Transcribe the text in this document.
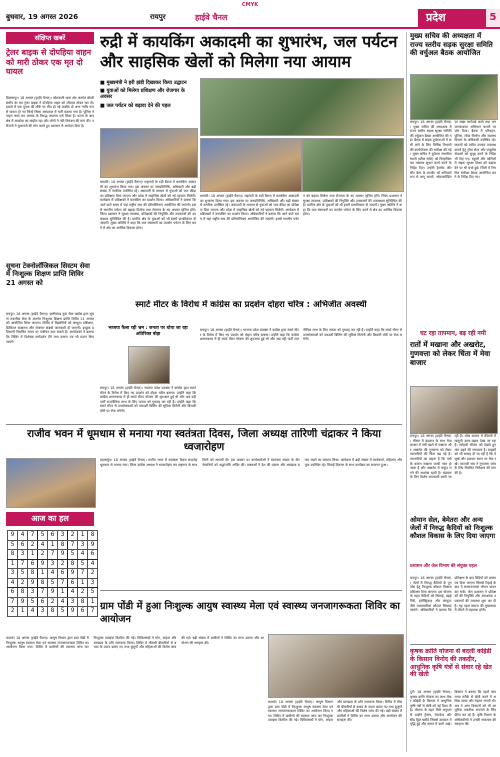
CMYK
बुधवार, 19 अगस्त 2026	रायपुर	हाईवे चैनल	प्रदेश	5
संक्षिप्त खबरें
ट्रेलर बाइक से दोपहिया वाहन को मारी ठोकर एक मृत दो घायल
बिलासपुर। 18 अगस्त (हाईवे चैनल)। कोतवाली थाना क्षेत्र अंतर्गत बोदरी समीप देर रात ट्रेलर बाइक ने दोपहिया वाहन को जोरदार ठोकर मार दी। हादसे में एक युवक की मौके पर मौत हो गई जबकि दो अन्य गंभीर रूप से घायल हो गए जिन्हें सिम्स अस्पताल में भर्ती कराया गया है। पुलिस ने वाहन जब्त कर चालक के विरुद्ध अपराध दर्ज किया है। घटना के बाद क्षेत्र में आक्रोश का माहौल रहा और लोगों ने गति नियंत्रण की मांग की। परिजनों ने मुआवजे की मांग करते हुए प्रशासन से आवेदन दिया है।
सूचना टेक्नोलॉजिकल सिस्टम सेवा में निःशुल्क शिक्षण प्राप्ति शिविर 21 अगस्त को
रायपुर। 18 अगस्त (हाईवे चैनल)। छत्तीसगढ़ युवा सेवा प्रकोष्ठ द्वारा सूचना तकनीक सेवा के अंतर्गत निःशुल्क शिक्षण प्राप्ति शिविर 21 अगस्त को आयोजित किया जाएगा। शिविर में विद्यार्थियों को कंप्यूटर प्रशिक्षण, डिजिटल साक्षरता और रोजगार संबंधी जानकारी दी जाएगी। इच्छुक प्रतिभागी निर्धारित समय पर पंजीयन करा सकते हैं। आयोजकों ने बताया कि शिविर में विशेषज्ञ मार्गदर्शन देंगे तथा प्रमाण पत्र भी प्रदान किए जाएंगे।
रुद्री में कायकिंग अकादमी का शुभारंभ, जल पर्यटन और साहसिक खेलों को मिलेगा नया आयाम
■ मुख्यमंत्री ने हरी झंडी दिखाकर किया उद्घाटन
■ युवाओं को मिलेगा प्रशिक्षण और रोजगार के अवसर
■ जल पर्यटन को बढ़ावा देने की पहल
धमतरी। 18 अगस्त (हाईवे चैनल)। महानदी के रुद्री बैराज में कायकिंग अकादमी का शुभारंभ किया गया। इस अवसर पर जनप्रतिनिधि, अधिकारी और बड़ी संख्या में नागरिक उपस्थित रहे। अकादमी के माध्यम से युवाओं को जल क्रीड़ा का प्रशिक्षण दिया जाएगा और प्रदेश में साहसिक खेलों को नई पहचान मिलेगी। कार्यक्रम में प्रशिक्षकों ने कायकिंग का प्रदर्शन किया। अधिकारियों ने बताया कि आने वाले समय में यहां राष्ट्रीय स्तर की प्रतियोगिताएं आयोजित की जाएंगी। इससे स्थानीय पर्यटन को बढ़ावा मिलेगा तथा रोजगार के नए अवसर सृजित होंगे। जिला प्रशासन ने सुरक्षा व्यवस्था, प्रशिक्षकों की नियुक्ति और उपकरणों की उपलब्धता सुनिश्चित की है। ग्रामीण क्षेत्र के युवाओं को भी इसमें प्राथमिकता दी जाएगी। मुख्य अतिथि ने कहा कि जल संसाधनों का उपयोग पर्यटन के लिए करने से क्षेत्र का आर्थिक विकास होगा।
धमतरी। 18 अगस्त (हाईवे चैनल)। महानदी के रुद्री बैराज में कायकिंग अकादमी का शुभारंभ किया गया। इस अवसर पर जनप्रतिनिधि, अधिकारी और बड़ी संख्या में नागरिक उपस्थित रहे। अकादमी के माध्यम से युवाओं को जल क्रीड़ा का प्रशिक्षण दिया जाएगा और प्रदेश में साहसिक खेलों को नई पहचान मिलेगी। कार्यक्रम में प्रशिक्षकों ने कायकिंग का प्रदर्शन किया। अधिकारियों ने बताया कि आने वाले समय में यहां राष्ट्रीय स्तर की प्रतियोगिताएं आयोजित की जाएंगी। इससे स्थानीय पर्यटन को बढ़ावा मिलेगा तथा रोजगार के नए अवसर सृजित होंगे। जिला प्रशासन ने सुरक्षा व्यवस्था, प्रशिक्षकों की नियुक्ति और उपकरणों की उपलब्धता सुनिश्चित की है। ग्रामीण क्षेत्र के युवाओं को भी इसमें प्राथमिकता दी जाएगी। मुख्य अतिथि ने कहा कि जल संसाधनों का उपयोग पर्यटन के लिए करने से क्षेत्र का आर्थिक विकास होगा।
स्मार्ट मीटर के विरोध में कांग्रेस का प्रदर्शन दोहरा चरित्र : अभिजीत अवस्थी
भाजपा फैला रही भ्रम : जनता पर थोपा जा रहा अतिरिक्त बोझ
रायपुर। 18 अगस्त (हाईवे चैनल)। भाजपा प्रदेश प्रवक्ता ने कांग्रेस द्वारा स्मार्ट मीटर के विरोध में किए गए प्रदर्शन को दोहरा चरित्र बताया। उन्होंने कहा कि कांग्रेस शासनकाल में ही स्मार्ट मीटर योजना की शुरुआत हुई थी और अब वही पार्टी राजनीतिक लाभ के लिए जनता को गुमराह कर रही है। उन्होंने कहा कि स्मार्ट मीटर से उपभोक्ताओं को पारदर्शी बिलिंग की सुविधा मिलेगी और बिजली चोरी पर रोक लगेगी।
रायपुर। 18 अगस्त (हाईवे चैनल)। भाजपा प्रदेश प्रवक्ता ने कांग्रेस द्वारा स्मार्ट मीटर के विरोध में किए गए प्रदर्शन को दोहरा चरित्र बताया। उन्होंने कहा कि कांग्रेस शासनकाल में ही स्मार्ट मीटर योजना की शुरुआत हुई थी और अब वही पार्टी राजनीतिक लाभ के लिए जनता को गुमराह कर रही है। उन्होंने कहा कि स्मार्ट मीटर से उपभोक्ताओं को पारदर्शी बिलिंग की सुविधा मिलेगी और बिजली चोरी पर रोक लगेगी।
राजीव भवन में धूमधाम से मनाया गया स्वतंत्रता दिवस, जिला अध्यक्ष तारिणी चंद्राकर ने किया ध्वजारोहण
महासमुंद। 18 अगस्त (हाईवे चैनल)। राजीव भवन में स्वतंत्रता दिवस समारोह धूमधाम से मनाया गया। जिला कांग्रेस अध्यक्ष ने ध्वजारोहण कर राष्ट्रगान के साथ तिरंगे को सलामी दी। इस अवसर पर कार्यकर्ताओं ने स्वतंत्रता संग्राम के वीर सेनानियों को श्रद्धांजलि अर्पित की। वक्ताओं ने देश की एकता और अखंडता बनाए रखने का संकल्प लिया। कार्यक्रम में बड़ी संख्या में कार्यकर्ता, महिलाएं और युवा उपस्थित रहे। मिठाई वितरण के साथ कार्यक्रम का समापन हुआ।
आज का हल
9	4	7	5	6	3	2	1	8
5	6	2	4	1	8	7	3	9
8	3	1	2	7	9	5	4	6
1	7	6	9	3	2	8	5	4
3	5	8	1	4	6	9	7	2
4	2	9	8	5	7	6	1	3
6	8	3	7	9	1	4	2	5
7	9	5	6	2	4	3	8	1
2	1	4	3	8	5	9	6	7 ग्राम पोंडी में हुआ निःशुल्क आयुष स्वास्थ्य मेला एवं स्वास्थ्य जनजागरूकता शिविर का आयोजन
कवर्धा। 18 अगस्त (हाईवे चैनल)। आयुष विभाग द्वारा ग्राम पोंडी में निःशुल्क आयुष स्वास्थ्य मेला एवं स्वास्थ्य जनजागरूकता शिविर का आयोजन किया गया। शिविर में ग्रामीणों की स्वास्थ्य जांच कर निःशुल्क दवाइयां वितरित की गईं। चिकित्सकों ने योग, आहार और स्वच्छता के प्रति जागरूक किया। शिविर में मौसमी बीमारियों से बचाव के उपाय बताए गए तथा बुजुर्गों और महिलाओं की विशेष जांच की गई। बड़ी संख्या में ग्रामीणों ने शिविर का लाभ उठाया और आयोजन की सराहना की।
कवर्धा। 18 अगस्त (हाईवे चैनल)। आयुष विभाग द्वारा ग्राम पोंडी में निःशुल्क आयुष स्वास्थ्य मेला एवं स्वास्थ्य जनजागरूकता शिविर का आयोजन किया गया। शिविर में ग्रामीणों की स्वास्थ्य जांच कर निःशुल्क दवाइयां वितरित की गईं। चिकित्सकों ने योग, आहार और स्वच्छता के प्रति जागरूक किया। शिविर में मौसमी बीमारियों से बचाव के उपाय बताए गए तथा बुजुर्गों और महिलाओं की विशेष जांच की गई। बड़ी संख्या में ग्रामीणों ने शिविर का लाभ उठाया और आयोजन की सराहना की।
मुख्य सचिव की अध्यक्षता में राज्य स्तरीय सड़क सुरक्षा समिति की वर्चुअल बैठक आयोजित
रायपुर। 18 अगस्त (हाईवे चैनल)। मुख्य सचिव की अध्यक्षता में राज्य स्तरीय सड़क सुरक्षा समिति की वर्चुअल बैठक आयोजित की गई। बैठक में सड़क दुर्घटनाओं में कमी लाने के लिए विभिन्न विभागों की कार्ययोजना की समीक्षा की गई। मुख्य सचिव ने दुर्घटना संभावित स्थलों (ब्लैक स्पॉट) को चिन्हांकित कर तत्काल सुधार कार्य करने के निर्देश दिए। उन्होंने हेलमेट और सीट बेल्ट के उपयोग को अनिवार्य रूप से लागू कराने, ओवरस्पीडिंग पर सख्त कार्रवाई करने तथा जनजागरूकता अभियान चलाने पर जोर दिया। बैठक में परिवहन, पुलिस, लोक निर्माण और स्वास्थ्य विभाग के अधिकारी उपस्थित रहे। घायलों को त्वरित उपचार उपलब्ध कराने हेतु ट्रॉमा सेंटर और एम्बुलेंस सेवाओं को सुदृढ़ करने के निर्देश भी दिए गए। स्कूलों और कॉलेजों में सड़क सुरक्षा शिक्षा को बढ़ावा देने पर भी चर्चा हुई। जिलों में नियमित समीक्षा बैठक आयोजित करने के निर्देश दिए गए।
घट रहा तापमान, बढ़ रही नमी
रातों में मखाना और अखरोट, गुणवत्ता को लेकर चिंता में मेवा बाजार
रायपुर। 18 अगस्त (हाईवे चैनल)। मौसम में बदलाव के साथ मेवा बाजार में नमी बढ़ने से मखाना और अखरोट की गुणवत्ता को लेकर व्यापारियों की चिंता बढ़ गई है। व्यापारियों का कहना है कि नमी के कारण मखाना जल्दी नरम हो जाता है और अखरोट में फफूंद लगने की आशंका रहती है। भंडारण के लिए विशेष सावधानी बरती जा रही है। थोक बाजार में कीमतों में मामूली उतार-चढ़ाव देखा जा रहा है। त्योहारी सीजन को देखते हुए मांग बढ़ने की संभावना है। ग्राहकों को भी सलाह दी जा रही है कि वे सूखे और हवादार स्थान पर मेवा रखें। व्यापारी संघ ने गुणवत्ता जांच के लिए नियमित निरीक्षण की मांग की है।
ओमान सेल, बेमेतरा और अन्य जेलों में निरुद्ध कैदियों को निःशुल्क कौशल विकास के लिए दिया जाएगा
प्रशासन और जेल विभाग की संयुक्त पहल
रायपुर। 18 अगस्त (हाईवे चैनल)। जेलों में निरुद्ध कैदियों के पुनर्वास हेतु निःशुल्क कौशल विकास प्रशिक्षण दिया जाएगा। इस योजना के तहत कैदियों को सिलाई, बढ़ईगिरी, इलेक्ट्रिकल और कंप्यूटर जैसे व्यावसायिक कौशल सिखाए जाएंगे। अधिकारियों ने बताया कि प्रशिक्षण के बाद कैदियों को प्रमाण पत्र दिया जाएगा जिससे रिहाई के बाद वे सम्मानजनक जीवन यापन कर सकें। जेल प्रशासन ने प्रशिक्षकों की नियुक्ति और आवश्यक उपकरणों की व्यवस्था शुरू कर दी है। यह पहल समाज की मुख्यधारा में लौटने में सहायक होगी।
कृषक क्रांति योजना से बदली कोईडी के किसान विनोद की तकदीर, आधुनिक कृषि यंत्रों से संवार रहे खेत की खेती
दुर्ग। 18 अगस्त (हाईवे चैनल)। कृषक क्रांति योजना का लाभ लेकर कोईडी के किसान ने आधुनिक कृषि यंत्रों से खेती को नई दिशा दी है। योजना के तहत मिले अनुदान से उन्होंने ट्रैक्टर, रोटावेटर और सीड ड्रिल खरीदे जिससे उत्पादन में वृद्धि हुई और लागत में कमी आई। किसान ने बताया कि पहले परंपरागत तरीके से खेती करने में अधिक समय और मेहनत लगती थी। अब वे अन्य किसानों को भी आधुनिक तकनीक अपनाने के लिए प्रेरित कर रहे हैं। कृषि विभाग के अधिकारियों ने उनकी सफलता की सराहना की।
